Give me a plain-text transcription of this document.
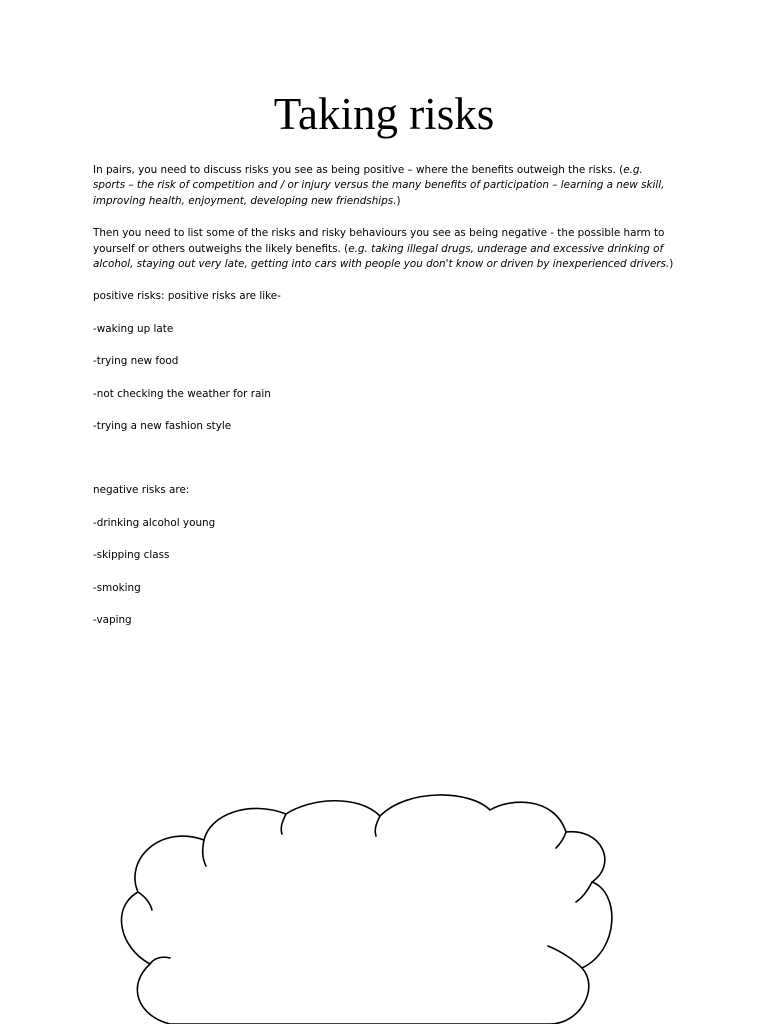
Taking risks

In pairs, you need to discuss risks you see as being positive – where the benefits outweigh the risks. (e.g. sports – the risk of competition and / or injury versus the many benefits of participation – learning a new skill, improving health, enjoyment, developing new friendships.)

Then you need to list some of the risks and risky behaviours you see as being negative - the possible harm to yourself or others outweighs the likely benefits. (e.g. taking illegal drugs, underage and excessive drinking of alcohol, staying out very late, getting into cars with people you don't know or driven by inexperienced drivers.)

positive risks: positive risks are like-

-waking up late

-trying new food

-not checking the weather for rain

-trying a new fashion style

negative risks are:

-drinking alcohol young

-skipping class

-smoking

-vaping
